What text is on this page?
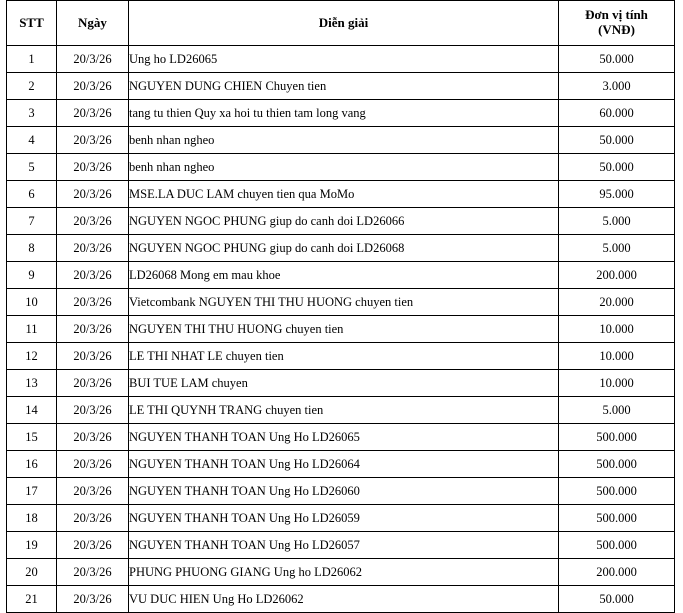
STT	Ngày	Diễn giải	Đơn vị tính
(VNĐ)

1	20/3/26	Ung ho LD26065	50.000
2	20/3/26	NGUYEN DUNG CHIEN Chuyen tien	3.000
3	20/3/26	tang tu thien Quy xa hoi tu thien tam long vang	60.000
4	20/3/26	benh nhan ngheo	50.000
5	20/3/26	benh nhan ngheo	50.000
6	20/3/26	MSE.LA DUC LAM chuyen tien qua MoMo	95.000
7	20/3/26	NGUYEN NGOC PHUNG giup do canh doi LD26066	5.000
8	20/3/26	NGUYEN NGOC PHUNG giup do canh doi LD26068	5.000
9	20/3/26	LD26068 Mong em mau khoe	200.000
10	20/3/26	Vietcombank NGUYEN THI THU HUONG chuyen tien	20.000
11	20/3/26	NGUYEN THI THU HUONG chuyen tien	10.000
12	20/3/26	LE THI NHAT LE chuyen tien	10.000
13	20/3/26	BUI TUE LAM chuyen	10.000
14	20/3/26	LE THI QUYNH TRANG chuyen tien	5.000
15	20/3/26	NGUYEN THANH TOAN Ung Ho LD26065	500.000
16	20/3/26	NGUYEN THANH TOAN Ung Ho LD26064	500.000
17	20/3/26	NGUYEN THANH TOAN Ung Ho LD26060	500.000
18	20/3/26	NGUYEN THANH TOAN Ung Ho LD26059	500.000
19	20/3/26	NGUYEN THANH TOAN Ung Ho LD26057	500.000
20	20/3/26	PHUNG PHUONG GIANG Ung ho LD26062	200.000
21	20/3/26	VU DUC HIEN Ung Ho LD26062	50.000
